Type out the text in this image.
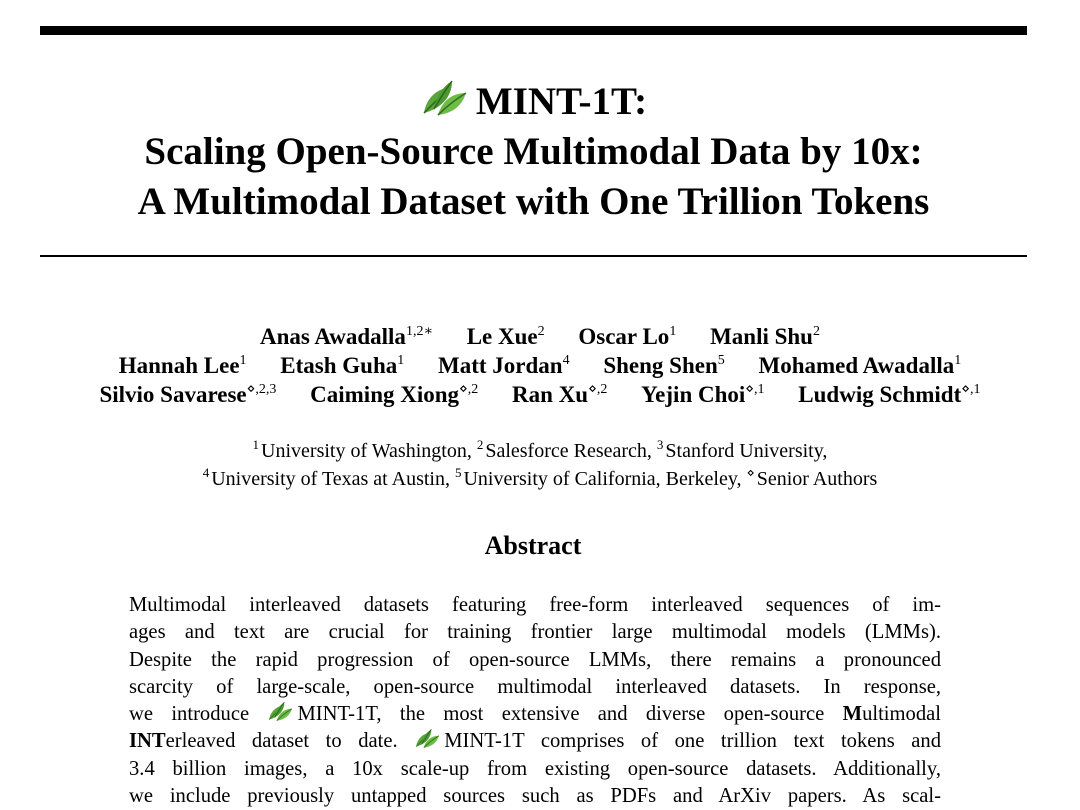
MINT-1T:
Scaling Open-Source Multimodal Data by 10x:
A Multimodal Dataset with One Trillion Tokens
Anas Awadalla$^{1,2∗}$ Le Xue$^2$ Oscar Lo$^1$ Manli Shu$^2$
Hannah Lee$^1$ Etash Guha$^1$ Matt Jordan$^4$ Sheng Shen$^5$ Mohamed Awadalla$^1$
Silvio Savarese$^{⋄,2,3}$ Caiming Xiong$^{⋄,2}$ Ran $Xu^{⋄,2}$ Yejin Choi$^{⋄,1}$ Ludwig Schmidt$^{⋄,1}$
$^1$ University of Washington, $^2$ Salesforce Research, $^3$ Stanford University,
$^4$ University of Texas at Austin, $^5$ University of California, Berkeley, ⋄ Senior Authors
Abstract
Multimodal interleaved datasets featuring free-form interleaved sequences of im-
ages and text are crucial for training frontier large multimodal models (LMMs).
Despite the rapid progression of open-source LMMs, there remains a pronounced
scarcity of large-scale, open-source multimodal interleaved datasets. In response,
we introduce MINT-1T, the most extensive and diverse open-source Multimodal
INTerleaved dataset to date. MINT-1T comprises of one trillion text tokens and
3.4 billion images, a 10x scale-up from existing open-source datasets. Additionally,
we include previously untapped sources such as PDFs and ArXiv papers. As scal-
